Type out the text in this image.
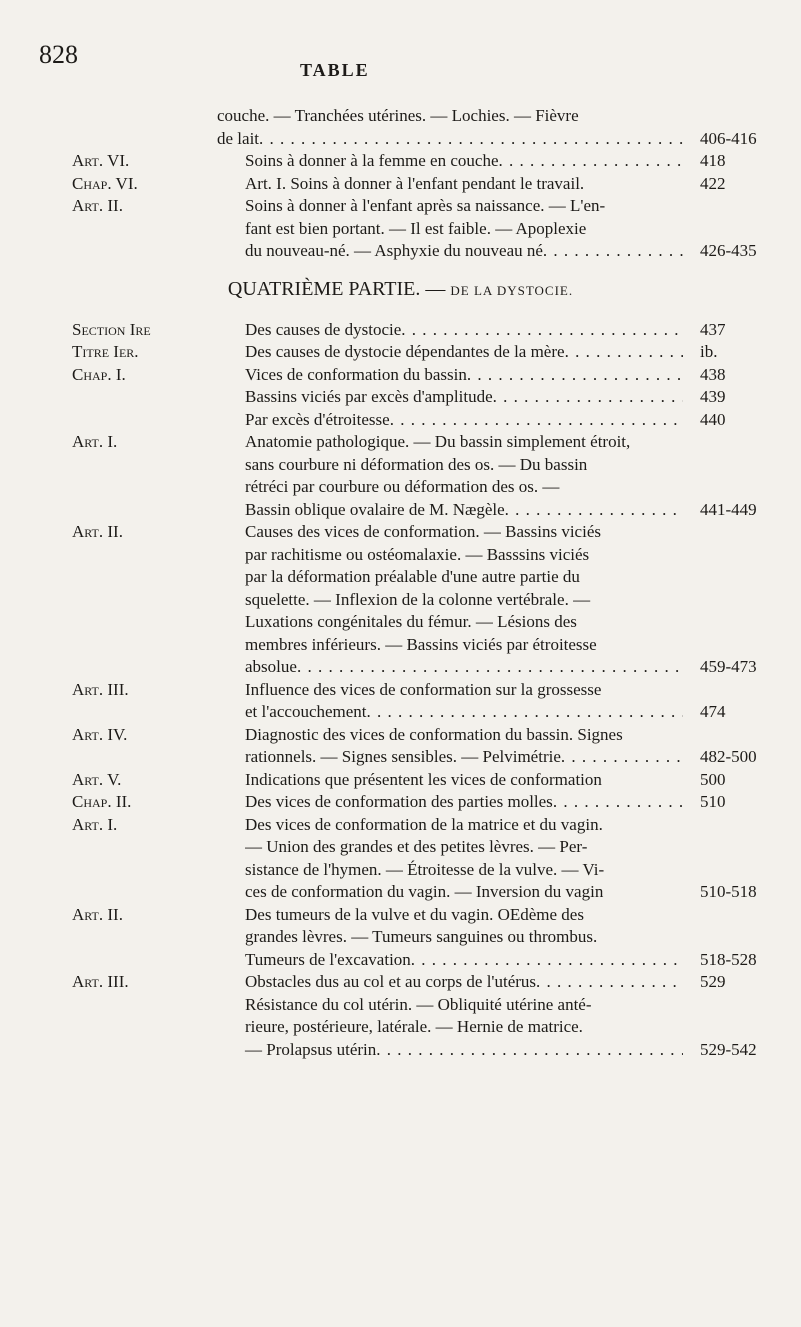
828
TABLE
couche. — Tranchées utérines. — Lochies. — Fièvre
de lait . . .	406-416
Art. VI.	Soins à donner à la femme en couche . . .	418
Chap. VI.	Art. I. Soins à donner à l'enfant pendant le travail.	422
Art. II.	Soins à donner à l'enfant après sa naissance. — L'en-
fant est bien portant. — Il est faible. — Apoplexie
du nouveau-né. — Asphyxie du nouveau né . . .	426-435
QUATRIÈME PARTIE. — DE LA DYSTOCIE.
Section Ire	Des causes de dystocie . . .	437
Titre Ier.	Des causes de dystocie dépendantes de la mère . . .	ib.
Chap. I.	Vices de conformation du bassin . . .	438
Bassins viciés par excès d'amplitude . . .	439
Par excès d'étroitesse . . .	440
Art. I.	Anatomie pathologique. — Du bassin simplement étroit,
sans courbure ni déformation des os. — Du bassin
rétréci par courbure ou déformation des os. —
Bassin oblique ovalaire de M. Nægèle . . .	441-449
Art. II.	Causes des vices de conformation. — Bassins viciés
par rachitisme ou ostéomalaxie. — Basssins viciés
par la déformation préalable d'une autre partie du
squelette. — Inflexion de la colonne vertébrale. —
Luxations congénitales du fémur. — Lésions des
membres inférieurs. — Bassins viciés par étroitesse
absolue . . .	459-473
Art. III.	Influence des vices de conformation sur la grossesse
et l'accouchement . . .	474
Art. IV.	Diagnostic des vices de conformation du bassin. Signes
rationnels. — Signes sensibles. — Pelvimétrie . . .	482-500
Art. V.	Indications que présentent les vices de conformation	500
Chap. II.	Des vices de conformation des parties molles . . .	510
Art. I.	Des vices de conformation de la matrice et du vagin.
— Union des grandes et des petites lèvres. — Per-
sistance de l'hymen. — Étroitesse de la vulve. — Vi-
ces de conformation du vagin. — Inversion du vagin	510-518
Art. II.	Des tumeurs de la vulve et du vagin. OEdème des
grandes lèvres. — Tumeurs sanguines ou thrombus.
Tumeurs de l'excavation . . .	518-528
Art. III.	Obstacles dus au col et au corps de l'utérus . . .	529
Résistance du col utérin. — Obliquité utérine anté-
rieure, postérieure, latérale. — Hernie de matrice.
— Prolapsus utérin . . .	529-542
